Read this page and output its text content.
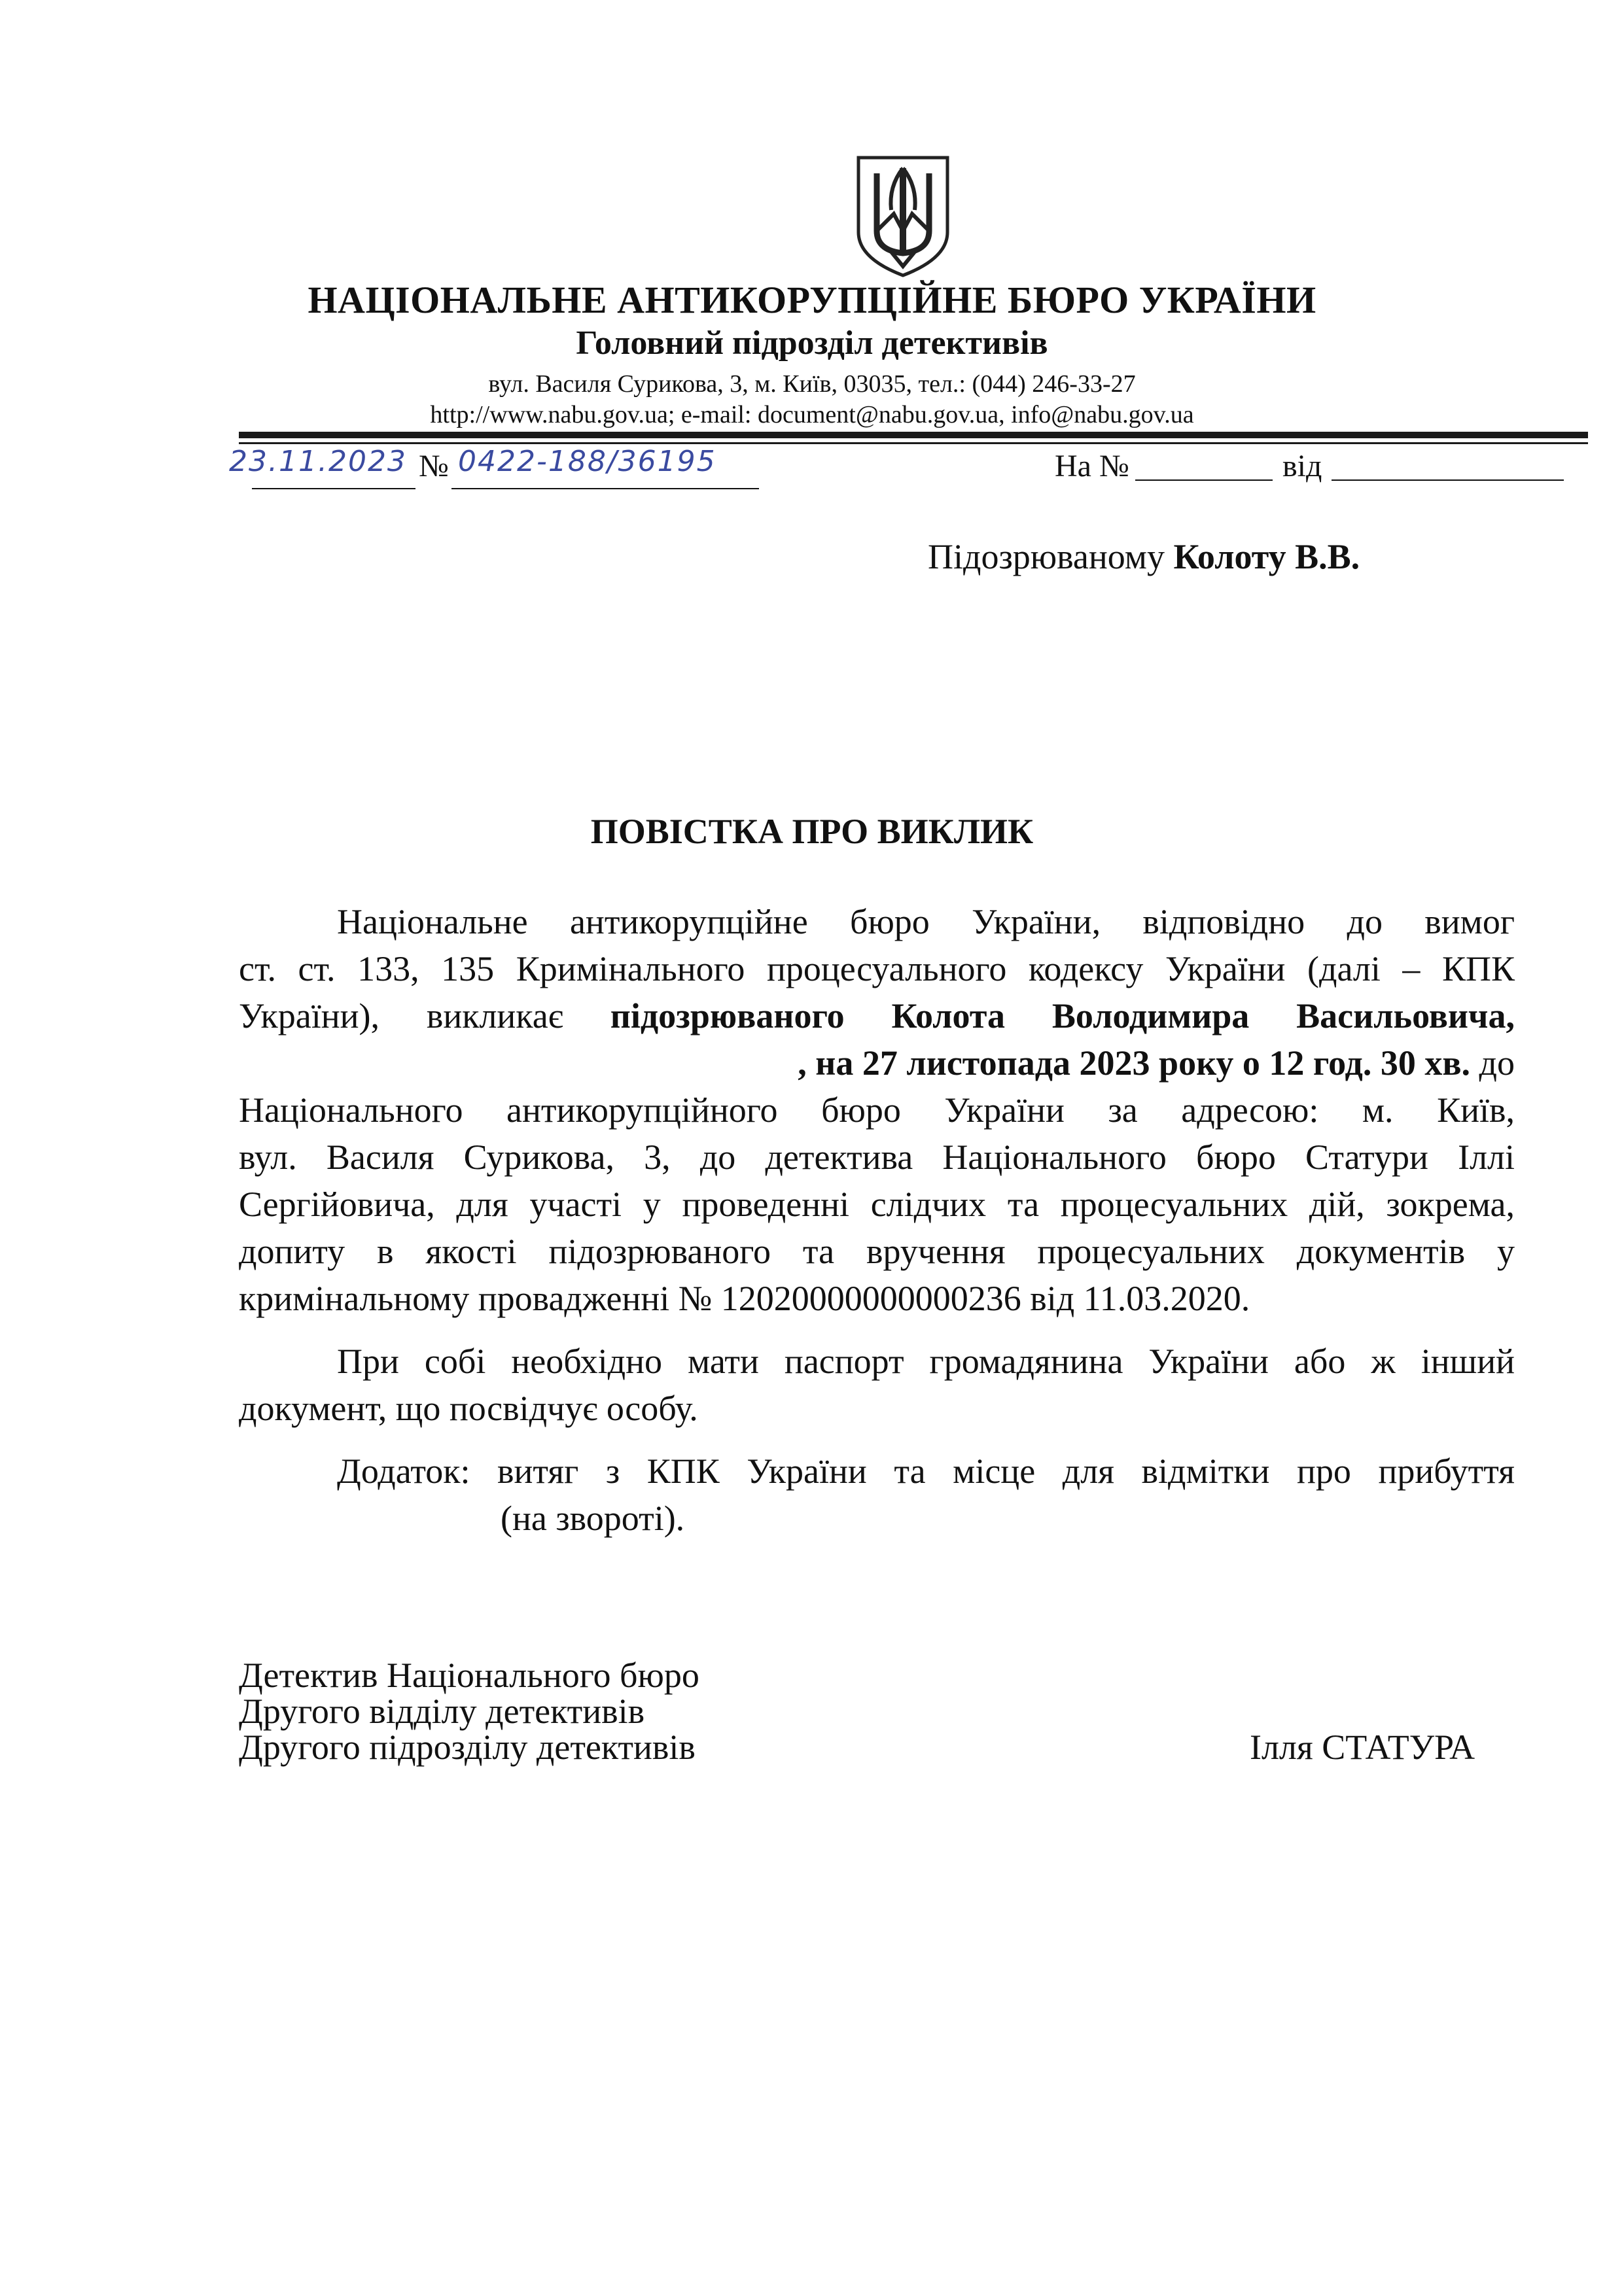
НАЦІОНАЛЬНЕ АНТИКОРУПЦІЙНЕ БЮРО УКРАЇНИ
Головний підрозділ детективів
вул. Василя Сурикова, 3, м. Київ, 03035, тел.: (044) 246-33-27
http://www.nabu.gov.ua; e-mail: document@nabu.gov.ua, info@nabu.gov.ua
23.11.2023 № 0422-188/36195	На №	від
Підозрюваному Колоту В.В.
ПОВІСТКА ПРО ВИКЛИК
Національне антикорупційне бюро України, відповідно до вимог
ст. ст. 133, 135 Кримінального процесуального кодексу України (далі – КПК
України), викликає підозрюваного Колота Володимира Васильовича,
, на 27 листопада 2023 року о 12 год. 30 хв. до
Національного антикорупційного бюро України за адресою: м. Київ,
вул. Василя Сурикова, 3, до детектива Національного бюро Статури Іллі
Сергійовича, для участі у проведенні слідчих та процесуальних дій, зокрема,
допиту в якості підозрюваного та вручення процесуальних документів у
кримінальному провадженні № 12020000000000236 від 11.03.2020.
При собі необхідно мати паспорт громадянина України або ж інший
документ, що посвідчує особу.
Додаток: витяг з КПК України та місце для відмітки про прибуття
(на звороті).
Детектив Національного бюро
Другого відділу детективів
Другого підрозділу детективів	Ілля СТАТУРА
